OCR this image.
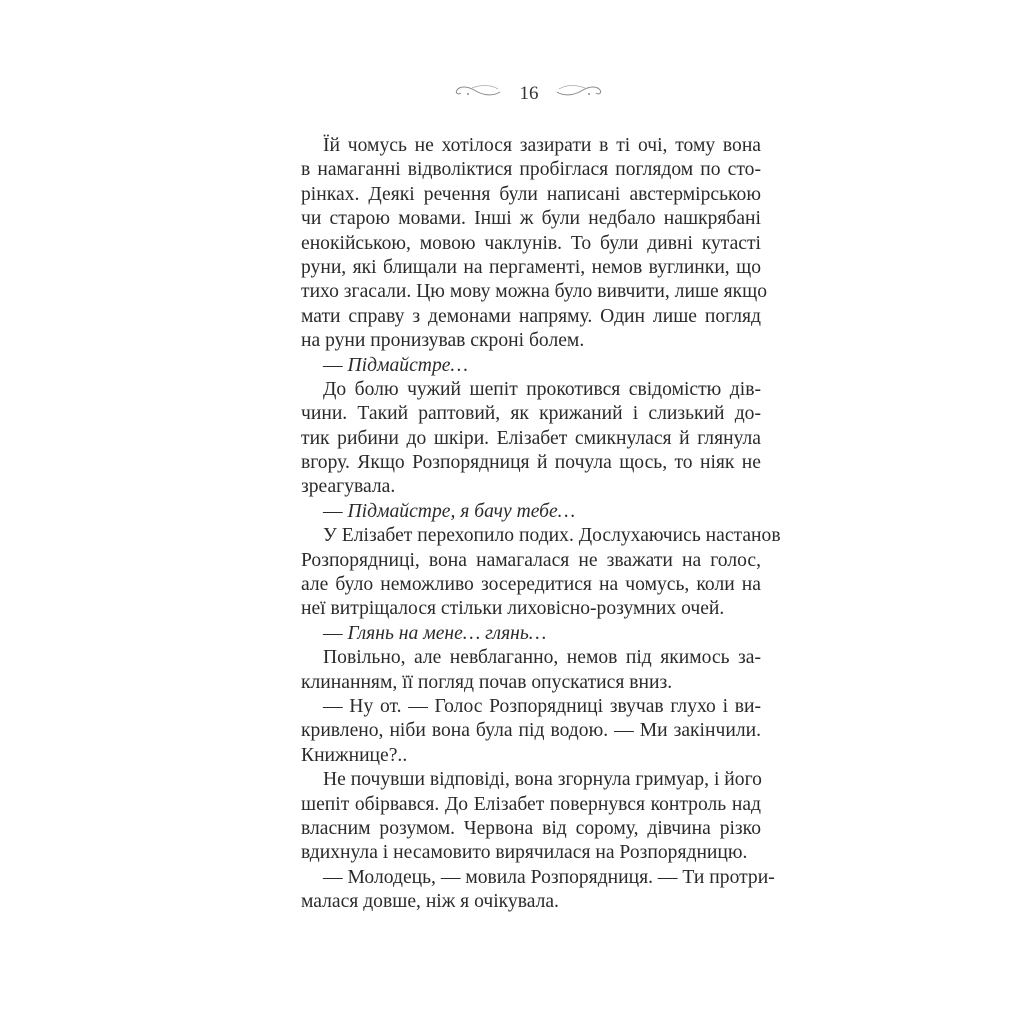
16
Їй чомусь не хотілося зазирати в ті очі, тому вона
в намаганні відволіктися пробіглася поглядом по сто-
рінках. Деякі речення були написані австермірською
чи старою мовами. Інші ж були недбало нашкрябані
енокійською, мовою чаклунів. То були дивні кутасті
руни, які блищали на пергаменті, немов вуглинки, що
тихо згасали. Цю мову можна було вивчити, лише якщо
мати справу з демонами напряму. Один лише погляд
на руни пронизував скроні болем.
— Підмайстре…
До болю чужий шепіт прокотився свідомістю дів-
чини. Такий раптовий, як крижаний і слизький до-
тик рибини до шкіри. Елізабет смикнулася й глянула
вгору. Якщо Розпорядниця й почула щось, то ніяк не
зреагувала.
— Підмайстре, я бачу тебе…
У Елізабет перехопило подих. Дослухаючись настанов
Розпорядниці, вона намагалася не зважати на голос,
але було неможливо зосередитися на чомусь, коли на
неї витріщалося стільки лиховісно-розумних очей.
— Глянь на мене… глянь…
Повільно, але невблаганно, немов під якимось за-
клинанням, її погляд почав опускатися вниз.
— Ну от. — Голос Розпорядниці звучав глухо і ви-
кривлено, ніби вона була під водою. — Ми закінчили.
Книжнице?..
Не почувши відповіді, вона згорнула гримуар, і його
шепіт обірвався. До Елізабет повернувся контроль над
власним розумом. Червона від сорому, дівчина різко
вдихнула і несамовито вирячилася на Розпорядницю.
— Молодець, — мовила Розпорядниця. — Ти протри-
малася довше, ніж я очікувала.
